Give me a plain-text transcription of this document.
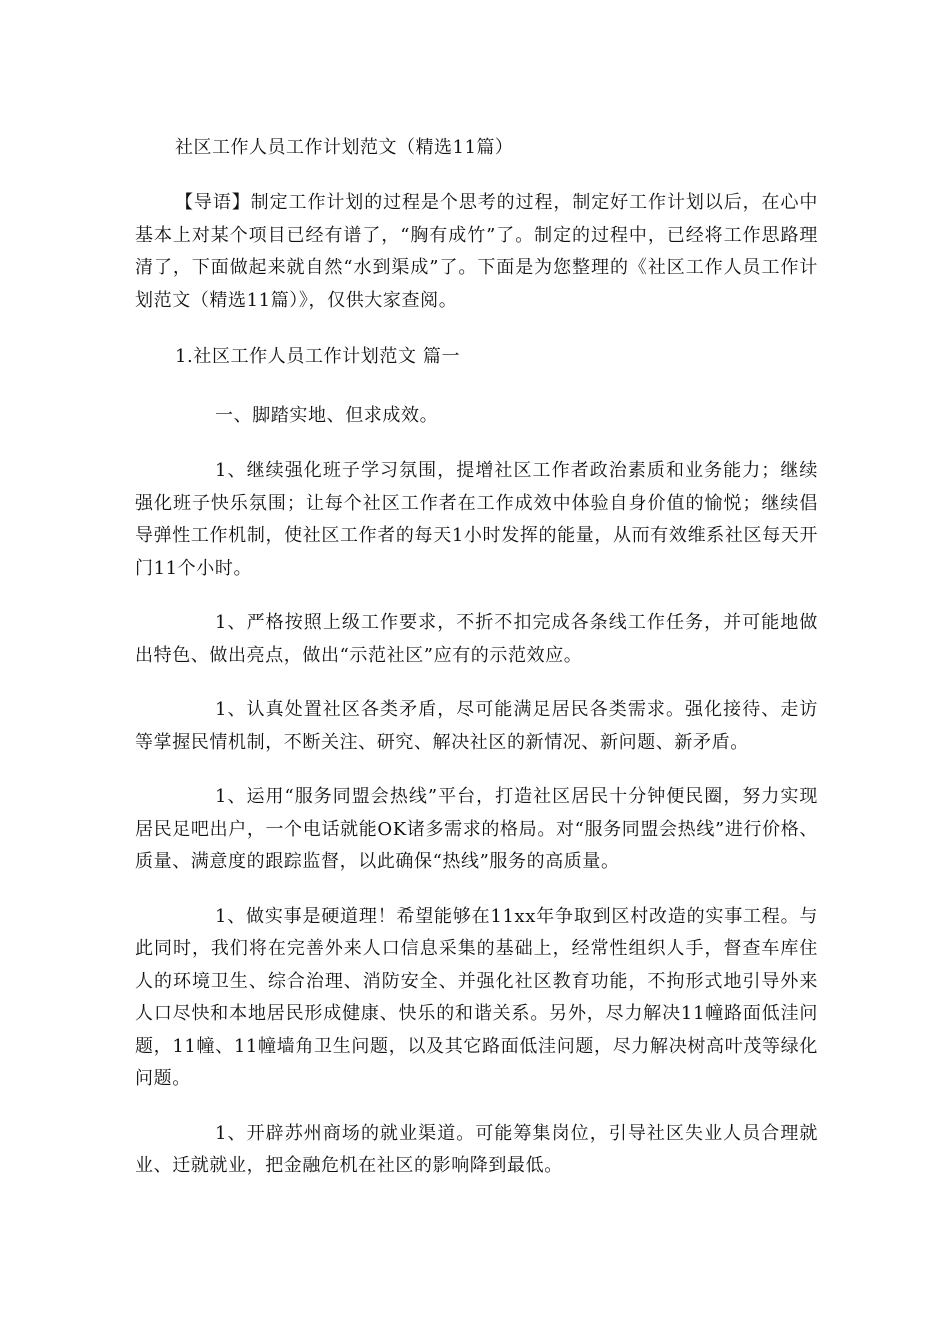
社区工作人员工作计划范文（精选11篇）

【导语】制定工作计划的过程是个思考的过程，制定好工作计划以后，在心中基本上对某个项目已经有谱了，“胸有成竹”了。制定的过程中，已经将工作思路理清了，下面做起来就自然“水到渠成”了。下面是为您整理的《社区工作人员工作计划范文（精选11篇）》，仅供大家查阅。

1.社区工作人员工作计划范文 篇一

一、脚踏实地、但求成效。

1、继续强化班子学习氛围，提增社区工作者政治素质和业务能力；继续强化班子快乐氛围；让每个社区工作者在工作成效中体验自身价值的愉悦；继续倡导弹性工作机制，使社区工作者的每天1小时发挥的能量，从而有效维系社区每天开门11个小时。

1、严格按照上级工作要求，不折不扣完成各条线工作任务，并可能地做出特色、做出亮点，做出“示范社区”应有的示范效应。

1、认真处置社区各类矛盾，尽可能满足居民各类需求。强化接待、走访等掌握民情机制，不断关注、研究、解决社区的新情况、新问题、新矛盾。

1、运用“服务同盟会热线”平台，打造社区居民十分钟便民圈，努力实现居民足吧出户，一个电话就能OK诸多需求的格局。对“服务同盟会热线”进行价格、质量、满意度的跟踪监督，以此确保“热线”服务的高质量。

1、做实事是硬道理！希望能够在11xx年争取到区村改造的实事工程。与此同时，我们将在完善外来人口信息采集的基础上，经常性组织人手，督查车库住人的环境卫生、综合治理、消防安全、并强化社区教育功能，不拘形式地引导外来人口尽快和本地居民形成健康、快乐的和谐关系。另外，尽力解决11幢路面低洼问题，11幢、11幢墙角卫生问题，以及其它路面低洼问题，尽力解决树高叶茂等绿化问题。

1、开辟苏州商场的就业渠道。可能筹集岗位，引导社区失业人员合理就业、迁就就业，把金融危机在社区的影响降到最低。
